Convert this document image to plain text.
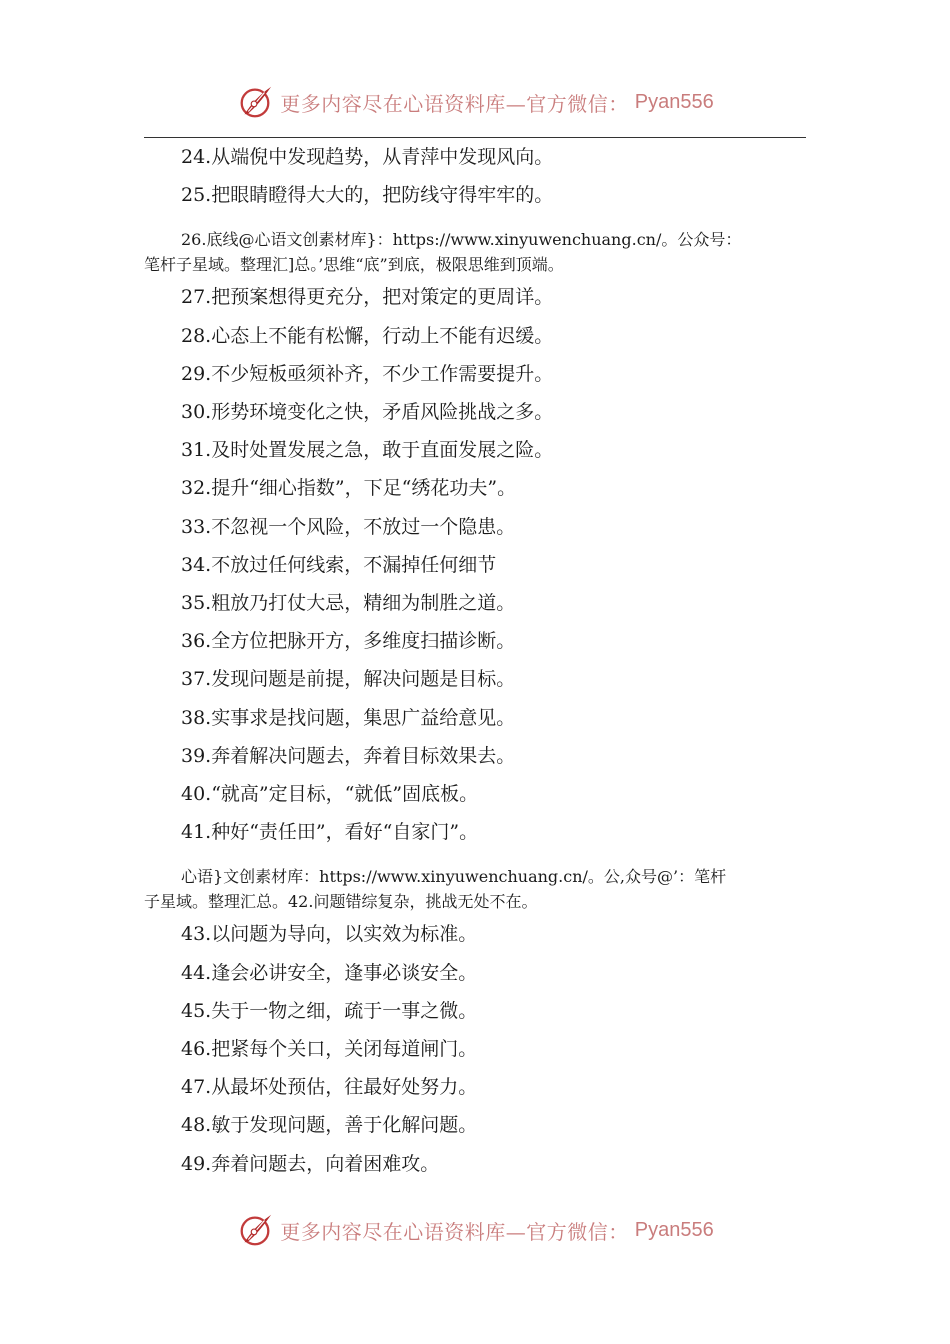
更多内容尽在心语资料库—官方微信： Pyan556
24.从端倪中发现趋势，从青萍中发现风向。
25.把眼睛瞪得大大的，把防线守得牢牢的。
26.底线@心语文创素材库}：https://www.xinyuwenchuang.cn/。公众号：
笔杆子星域。整理汇]总。’思维“底”到底，极限思维到顶端。
27.把预案想得更充分，把对策定的更周详。
28.心态上不能有松懈，行动上不能有迟缓。
29.不少短板亟须补齐，不少工作需要提升。
30.形势环境变化之快，矛盾风险挑战之多。
31.及时处置发展之急，敢于直面发展之险。
32.提升“细心指数”，下足“绣花功夫”。
33.不忽视一个风险，不放过一个隐患。
34.不放过任何线索，不漏掉任何细节
35.粗放乃打仗大忌，精细为制胜之道。
36.全方位把脉开方，多维度扫描诊断。
37.发现问题是前提，解决问题是目标。
38.实事求是找问题，集思广益给意见。
39.奔着解决问题去，奔着目标效果去。
40.“就高”定目标，“就低”固底板。
41.种好“责任田”，看好“自家门”。
心语}文创素材库：https://www.xinyuwenchuang.cn/。公,众号@’：笔杆
子星域。整理汇总。42.问题错综复杂，挑战无处不在。
43.以问题为导向，以实效为标准。
44.逢会必讲安全，逢事必谈安全。
45.失于一物之细，疏于一事之微。
46.把紧每个关口，关闭每道闸门。
47.从最坏处预估，往最好处努力。
48.敏于发现问题，善于化解问题。
49.奔着问题去，向着困难攻。
更多内容尽在心语资料库—官方微信： Pyan556
